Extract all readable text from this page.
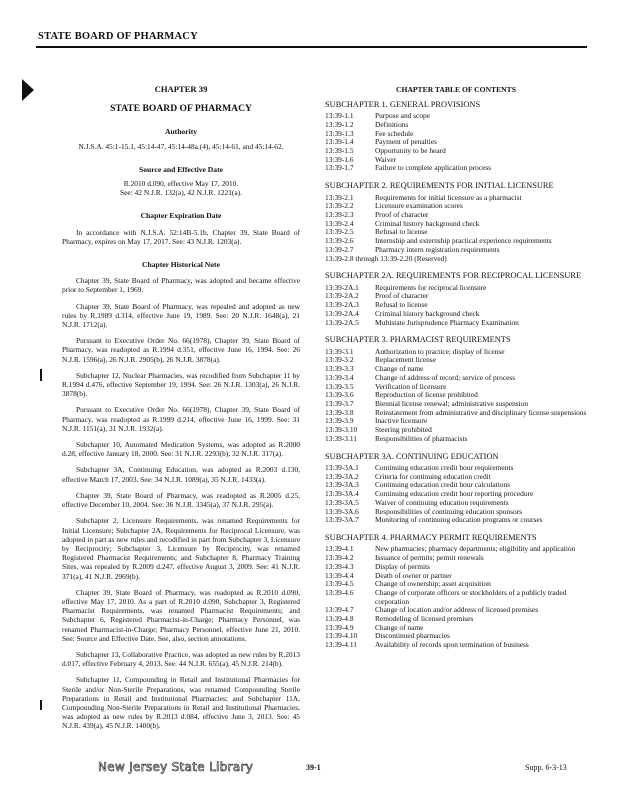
STATE BOARD OF PHARMACY
CHAPTER 39
STATE BOARD OF PHARMACY
Authority
N.J.S.A. 45:1-15.1, 45:14-47, 45:14-48a.(4), 45:14-61, and 45:14-62.
Source and Effective Date
R.2010 d.090, effective May 17, 2010.
See: 42 N.J.R. 132(a), 42 N.J.R. 1221(a).
Chapter Expiration Date
In accordance with N.J.S.A. 52:14B-5.1b, Chapter 39, State Board of Pharmacy, expires on May 17, 2017. See: 43 N.J.R. 1203(a).
Chapter Historical Note
Chapter 39, State Board of Pharmacy, was adopted and became effective prior to September 1, 1969.
Chapter 39, State Board of Pharmacy, was repealed and adopted as new rules by R.1989 d.314, effective June 19, 1989. See: 20 N.J.R. 1648(a), 21 N.J.R. 1712(a).
Pursuant to Executive Order No. 66(1978), Chapter 39, State Board of Pharmacy, was readopted as R.1994 d.351, effective June 16, 1994. See: 26 N.J.R. 1596(a), 26 N.J.R. 2905(b), 26 N.J.R. 3878(a).
Subchapter 12, Nuclear Pharmacies, was recodified from Subchapter 11 by R.1994 d.476, effective September 19, 1994. See: 26 N.J.R. 1303(a), 26 N.J.R. 3878(b).
Pursuant to Executive Order No. 66(1978), Chapter 39, State Board of Pharmacy, was readopted as R.1999 d.214, effective June 16, 1999. See: 31 N.J.R. 1151(a), 31 N.J.R. 1932(a).
Subchapter 10, Automated Medication Systems, was adopted as R.2000 d.28, effective January 18, 2000. See: 31 N.J.R. 2293(b), 32 N.J.R. 317(a).
Subchapter 3A, Continuing Education, was adopted as R.2003 d.130, effective March 17, 2003. See: 34 N.J.R. 1089(a), 35 N.J.R. 1433(a).
Chapter 39, State Board of Pharmacy, was readopted as R.2005 d.25, effective December 10, 2004. See: 36 N.J.R. 3345(a), 37 N.J.R. 295(a).
Subchapter 2, Licensure Requirements, was renamed Requirements for Initial Licensure; Subchapter 2A, Requirements for Reciprocal Licensure, was adopted in part as new rules and recodified in part from Subchapter 3, Licensure by Reciprocity; Subchapter 3, Licensure by Reciprocity, was renamed Registered Pharmacist Requirements; and Subchapter 8, Pharmacy Training Sites, was repealed by R.2009 d.247, effective August 3, 2009. See: 41 N.J.R. 371(a), 41 N.J.R. 2969(b).
Chapter 39, State Board of Pharmacy, was readopted as R.2010 d.090, effective May 17, 2010. As a part of R.2010 d.090, Subchapter 3, Registered Pharmacist Requirements, was renamed Pharmacist Requirements; and Subchapter 6, Registered Pharmacist-in-Charge; Pharmacy Personnel, was renamed Pharmacist-in-Charge; Pharmacy Personnel, effective June 21, 2010. See: Source and Effective Date. See, also, section annotations.
Subchapter 13, Collaborative Practice, was adopted as new rules by R.2013 d.017, effective February 4, 2013. See: 44 N.J.R. 655(a), 45 N.J.R. 214(b).
Subchapter 11, Compounding in Retail and Institutional Pharmacies for Sterile and/or Non-Sterile Preparations, was renamed Compounding Sterile Preparations in Retail and Institutional Pharmacies; and Subchapter 11A, Compounding Non-Sterile Preparations in Retail and Institutional Pharmacies, was adopted as new rules by R.2013 d.084, effective June 3, 2013. See: 45 N.J.R. 439(a), 45 N.J.R. 1400(b).
CHAPTER TABLE OF CONTENTS
SUBCHAPTER 1. GENERAL PROVISIONS
13:39-1.1	Purpose and scope
13:39-1.2	Definitions
13:39-1.3	Fee schedule
13:39-1.4	Payment of penalties
13:39-1.5	Opportunity to be heard
13:39-1.6	Waiver
13:39-1.7	Failure to complete application process
SUBCHAPTER 2. REQUIREMENTS FOR INITIAL LICENSURE
13:39-2.1	Requirements for initial licensure as a pharmacist
13:39-2.2	Licensure examination scores
13:39-2.3	Proof of character
13:39-2.4	Criminal history background check
13:39-2.5	Refusal to license
13:39-2.6	Internship and externship practical experience requirements
13:39-2.7	Pharmacy intern registration requirements
13:39-2.8 through 13:39-2.20 (Reserved)
SUBCHAPTER 2A. REQUIREMENTS FOR RECIPROCAL LICENSURE
13:39-2A.1	Requirements for reciprocal licensure
13:39-2A.2	Proof of character
13:39-2A.3	Refusal to license
13:39-2A.4	Criminal history background check
13:39-2A.5	Multistate Jurisprudence Pharmacy Examination
SUBCHAPTER 3. PHARMACIST REQUIREMENTS
13:39-3.1	Authorization to practice; display of license
13:39-3.2	Replacement license
13:39-3.3	Change of name
13:39-3.4	Change of address of record; service of process
13:39-3.5	Verification of licensure
13:39-3.6	Reproduction of license prohibited
13:39-3.7	Biennial license renewal; administrative suspension
13:39-3.8	Reinstatement from administrative and disciplinary license suspensions
13:39-3.9	Inactive licensure
13:39-3.10	Steering prohibited
13:39-3.11	Responsibilities of pharmacists
SUBCHAPTER 3A. CONTINUING EDUCATION
13:39-3A.1	Continuing education credit hour requirements
13:39-3A.2	Criteria for continuing education credit
13:39-3A.3	Continuing education credit hour calculations
13:39-3A.4	Continuing education credit hour reporting procedure
13:39-3A.5	Waiver of continuing education requirements
13:39-3A.6	Responsibilities of continuing education sponsors
13:39-3A.7	Monitoring of continuing education programs or courses
SUBCHAPTER 4. PHARMACY PERMIT REQUIREMENTS
13:39-4.1	New pharmacies; pharmacy departments; eligibility and application
13:39-4.2	Issuance of permits; permit renewals
13:39-4.3	Display of permits
13:39-4.4	Death of owner or partner
13:39-4.5	Change of ownership; asset acquisition
13:39-4.6	Change of corporate officers or stockholders of a publicly traded corporation
13:39-4.7	Change of location and/or address of licensed premises
13:39-4.8	Remodeling of licensed premises
13:39-4.9	Change of name
13:39-4.10	Discontinued pharmacies
13:39-4.11	Availability of records upon termination of business
New Jersey State Library	39-1	Supp. 6-3-13
